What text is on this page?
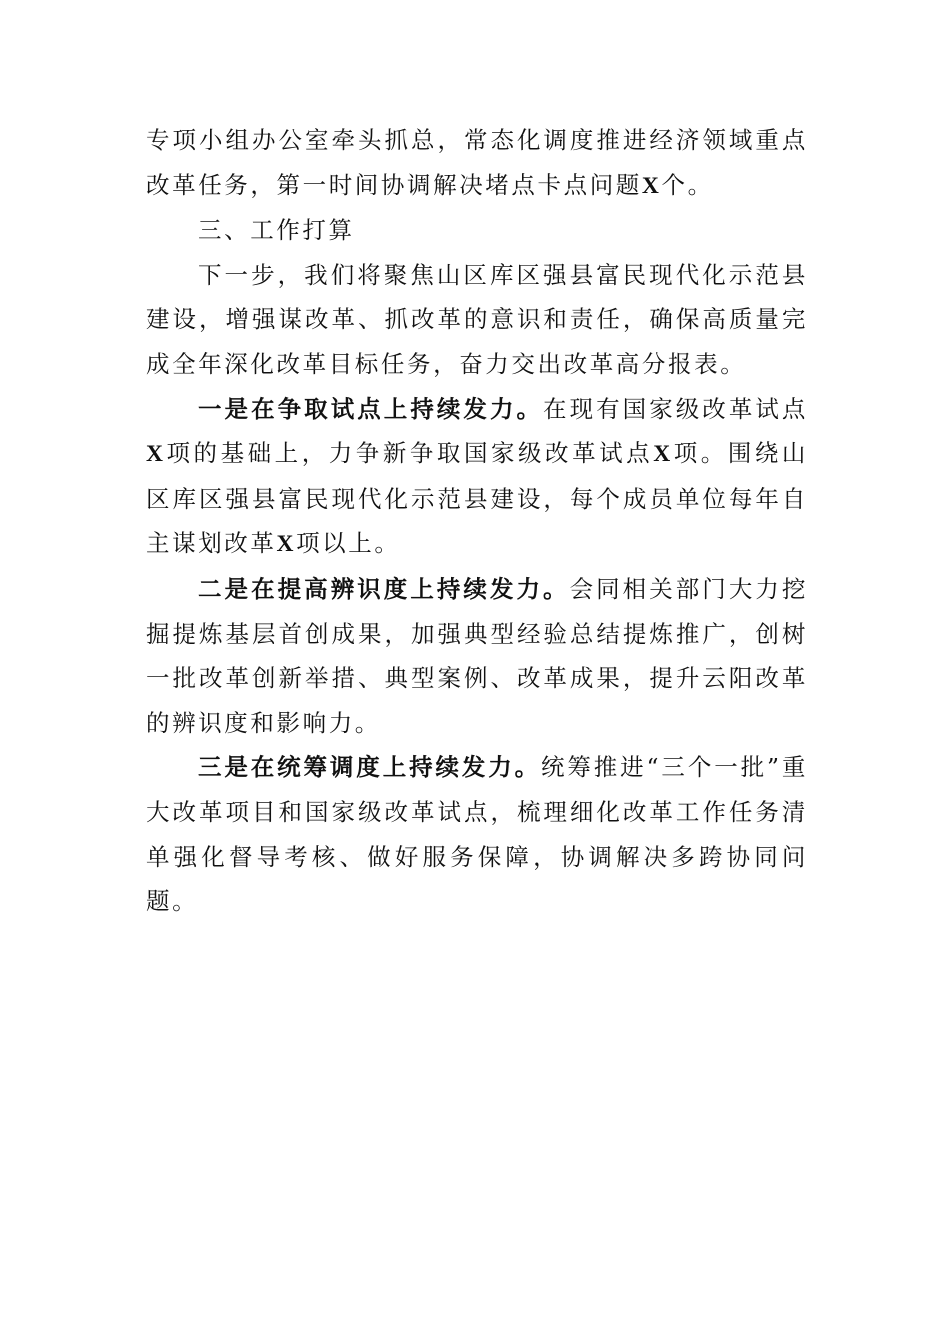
专项小组办公室牵头抓总，常态化调度推进经济领域重点改革任务，第一时间协调解决堵点卡点问题X个。

三、工作打算

下一步，我们将聚焦山区库区强县富民现代化示范县建设，增强谋改革、抓改革的意识和责任，确保高质量完成全年深化改革目标任务，奋力交出改革高分报表。

一是在争取试点上持续发力。在现有国家级改革试点X项的基础上，力争新争取国家级改革试点X项。围绕山区库区强县富民现代化示范县建设，每个成员单位每年自主谋划改革X项以上。

二是在提高辨识度上持续发力。会同相关部门大力挖掘提炼基层首创成果，加强典型经验总结提炼推广，创树一批改革创新举措、典型案例、改革成果，提升云阳改革的辨识度和影响力。

三是在统筹调度上持续发力。统筹推进“三个一批”重大改革项目和国家级改革试点，梳理细化改革工作任务清单强化督导考核、做好服务保障，协调解决多跨协同问题。
